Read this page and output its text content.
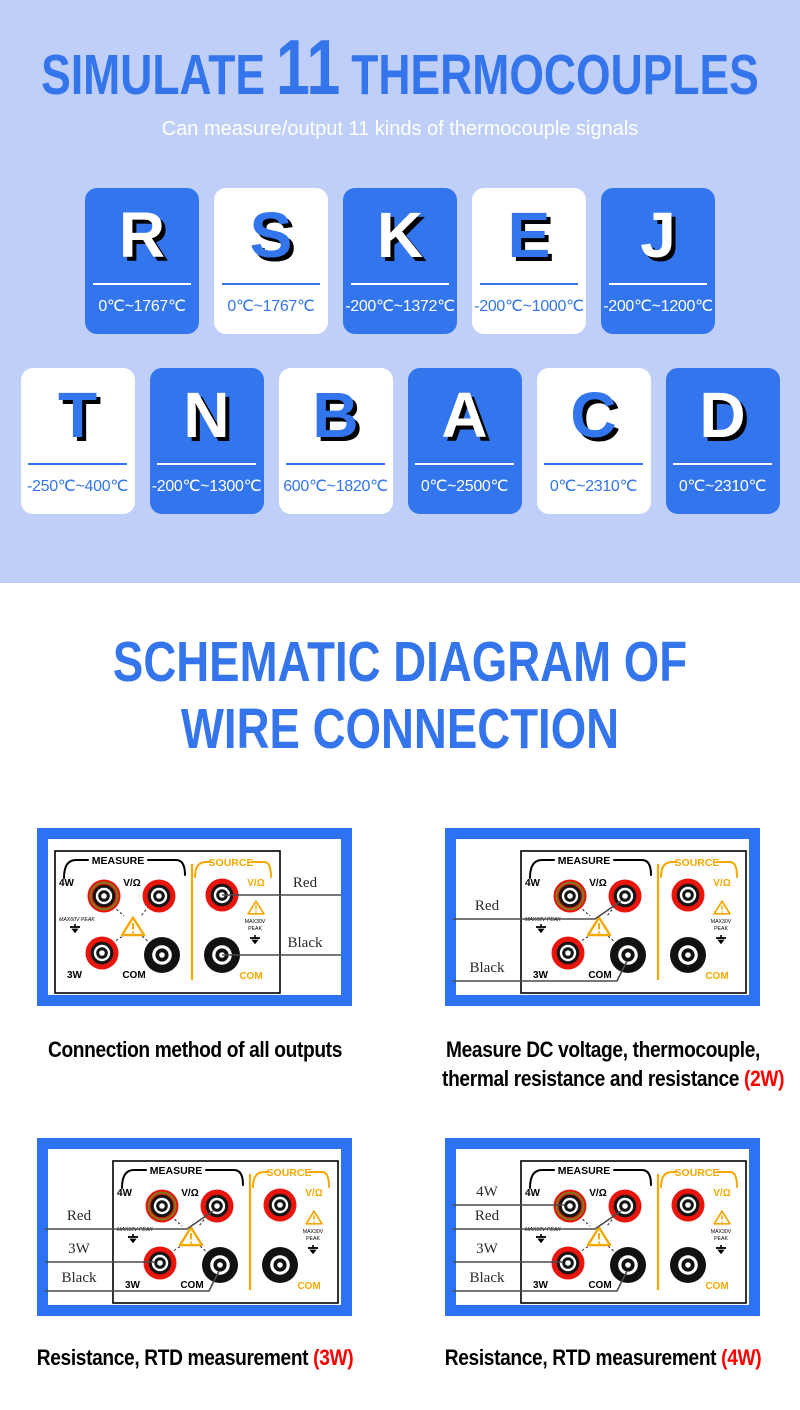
SIMULATE 11 THERMOCOUPLES
Can measure/output 11 kinds of thermocouple signals
R
0℃~1767℃
S
0℃~1767℃
K
-200℃~1372℃
E
-200℃~1000℃
J
-200℃~1200℃
T
-250℃~400℃
N
-200℃~1300℃
B
600℃~1820℃
A
0℃~2500℃
C
0℃~2310℃
D
0℃~2310℃
SCHEMATIC DIAGRAM OF
WIRE CONNECTION
MEASURE
4W	V/Ω
MAX60V PEAK
3W	COM
SOURCE
V/Ω
MAX30V
PEAK
COM
Red
Black
Connection method of all outputs
MEASURE
4W	V/Ω
MAX60V PEAK
3W	COM
SOURCE
V/Ω
MAX30V
PEAK
COM
Red
Black
Measure DC voltage, thermocouple,
thermal resistance and resistance (2W)
MEASURE
4W	V/Ω
MAX60V PEAK
3W	COM
SOURCE
V/Ω
MAX30V
PEAK
COM
Red
3W
Black
Resistance, RTD measurement (3W)
MEASURE
4W	V/Ω
MAX60V PEAK
3W	COM
SOURCE
V/Ω
MAX30V
PEAK
COM
4W
Red
3W
Black
Resistance, RTD measurement (4W)
